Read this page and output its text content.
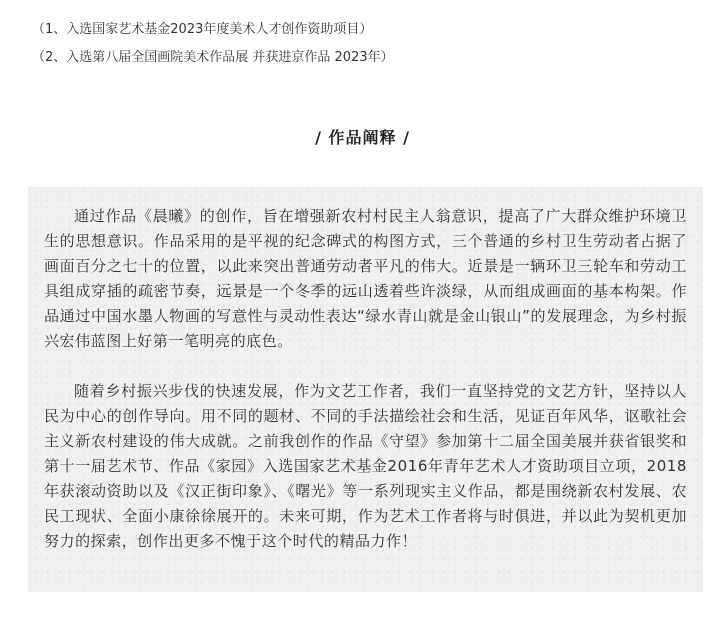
（1、入选国家艺术基金2023年度美术人才创作资助项目）
（2、入选第八届全国画院美术作品展 并获进京作品 2023年）
/ 作品阐释 /

通过作品《晨曦》的创作，旨在增强新农村村民主人翁意识，提高了广大群众维护环境卫生的思想意识。作品采用的是平视的纪念碑式的构图方式，三个普通的乡村卫生劳动者占据了画面百分之七十的位置，以此来突出普通劳动者平凡的伟大。近景是一辆环卫三轮车和劳动工具组成穿插的疏密节奏，远景是一个冬季的远山透着些许淡绿，从而组成画面的基本构架。作品通过中国水墨人物画的写意性与灵动性表达“绿水青山就是金山银山”的发展理念，为乡村振兴宏伟蓝图上好第一笔明亮的底色。

随着乡村振兴步伐的快速发展，作为文艺工作者，我们一直坚持党的文艺方针，坚持以人民为中心的创作导向。用不同的题材、不同的手法描绘社会和生活，见证百年风华，讴歌社会主义新农村建设的伟大成就。之前我创作的作品《守望》参加第十二届全国美展并获省银奖和第十一届艺术节、作品《家园》入选国家艺术基金2016年青年艺术人才资助项目立项，2018年获滚动资助以及《汉正街印象》、《曙光》等一系列现实主义作品，都是围绕新农村发展、农民工现状、全面小康徐徐展开的。未来可期，作为艺术工作者将与时俱进，并以此为契机更加努力的探索，创作出更多不愧于这个时代的精品力作！
